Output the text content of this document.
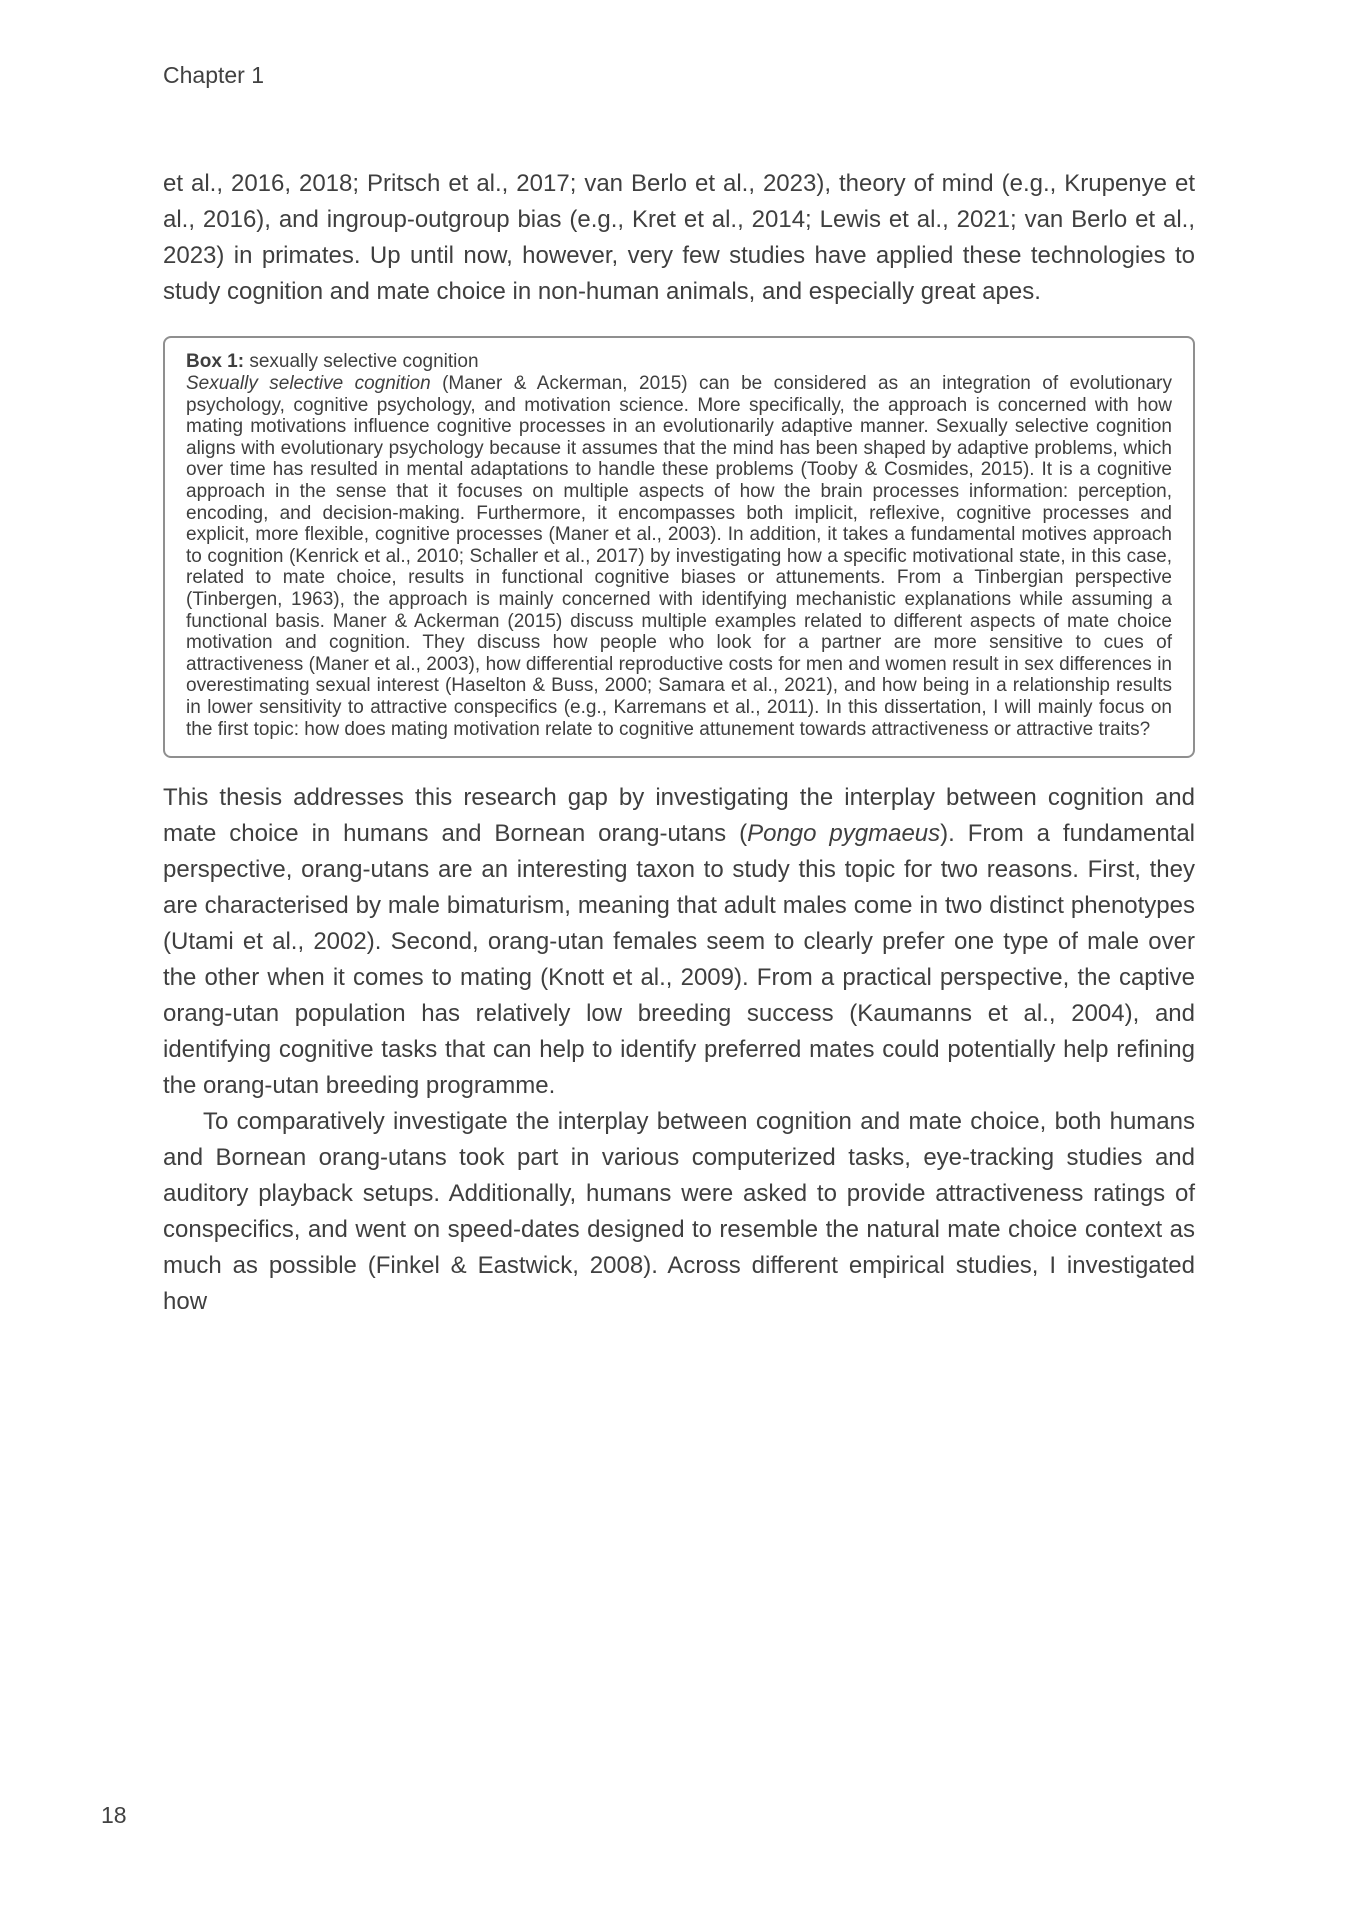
Chapter 1

et al., 2016, 2018; Pritsch et al., 2017; van Berlo et al., 2023), theory of mind (e.g., Krupenye et al., 2016), and ingroup-outgroup bias (e.g., Kret et al., 2014; Lewis et al., 2021; van Berlo et al., 2023) in primates. Up until now, however, very few studies have applied these technologies to study cognition and mate choice in non-human animals, and especially great apes.

Box 1: sexually selective cognition
Sexually selective cognition (Maner & Ackerman, 2015) can be considered as an integration of evolutionary psychology, cognitive psychology, and motivation science. More specifically, the approach is concerned with how mating motivations influence cognitive processes in an evolutionarily adaptive manner. Sexually selective cognition aligns with evolutionary psychology because it assumes that the mind has been shaped by adaptive problems, which over time has resulted in mental adaptations to handle these problems (Tooby & Cosmides, 2015). It is a cognitive approach in the sense that it focuses on multiple aspects of how the brain processes information: perception, encoding, and decision-making. Furthermore, it encompasses both implicit, reflexive, cognitive processes and explicit, more flexible, cognitive processes (Maner et al., 2003). In addition, it takes a fundamental motives approach to cognition (Kenrick et al., 2010; Schaller et al., 2017) by investigating how a specific motivational state, in this case, related to mate choice, results in functional cognitive biases or attunements. From a Tinbergian perspective (Tinbergen, 1963), the approach is mainly concerned with identifying mechanistic explanations while assuming a functional basis. Maner & Ackerman (2015) discuss multiple examples related to different aspects of mate choice motivation and cognition. They discuss how people who look for a partner are more sensitive to cues of attractiveness (Maner et al., 2003), how differential reproductive costs for men and women result in sex differences in overestimating sexual interest (Haselton & Buss, 2000; Samara et al., 2021), and how being in a relationship results in lower sensitivity to attractive conspecifics (e.g., Karremans et al., 2011). In this dissertation, I will mainly focus on the first topic: how does mating motivation relate to cognitive attunement towards attractiveness or attractive traits?

This thesis addresses this research gap by investigating the interplay between cognition and mate choice in humans and Bornean orang-utans (Pongo pygmaeus). From a fundamental perspective, orang-utans are an interesting taxon to study this topic for two reasons. First, they are characterised by male bimaturism, meaning that adult males come in two distinct phenotypes (Utami et al., 2002). Second, orang-utan females seem to clearly prefer one type of male over the other when it comes to mating (Knott et al., 2009). From a practical perspective, the captive orang-utan population has relatively low breeding success (Kaumanns et al., 2004), and identifying cognitive tasks that can help to identify preferred mates could potentially help refining the orang-utan breeding programme.

To comparatively investigate the interplay between cognition and mate choice, both humans and Bornean orang-utans took part in various computerized tasks, eye-tracking studies and auditory playback setups. Additionally, humans were asked to provide attractiveness ratings of conspecifics, and went on speed-dates designed to resemble the natural mate choice context as much as possible (Finkel & Eastwick, 2008). Across different empirical studies, I investigated how

18
